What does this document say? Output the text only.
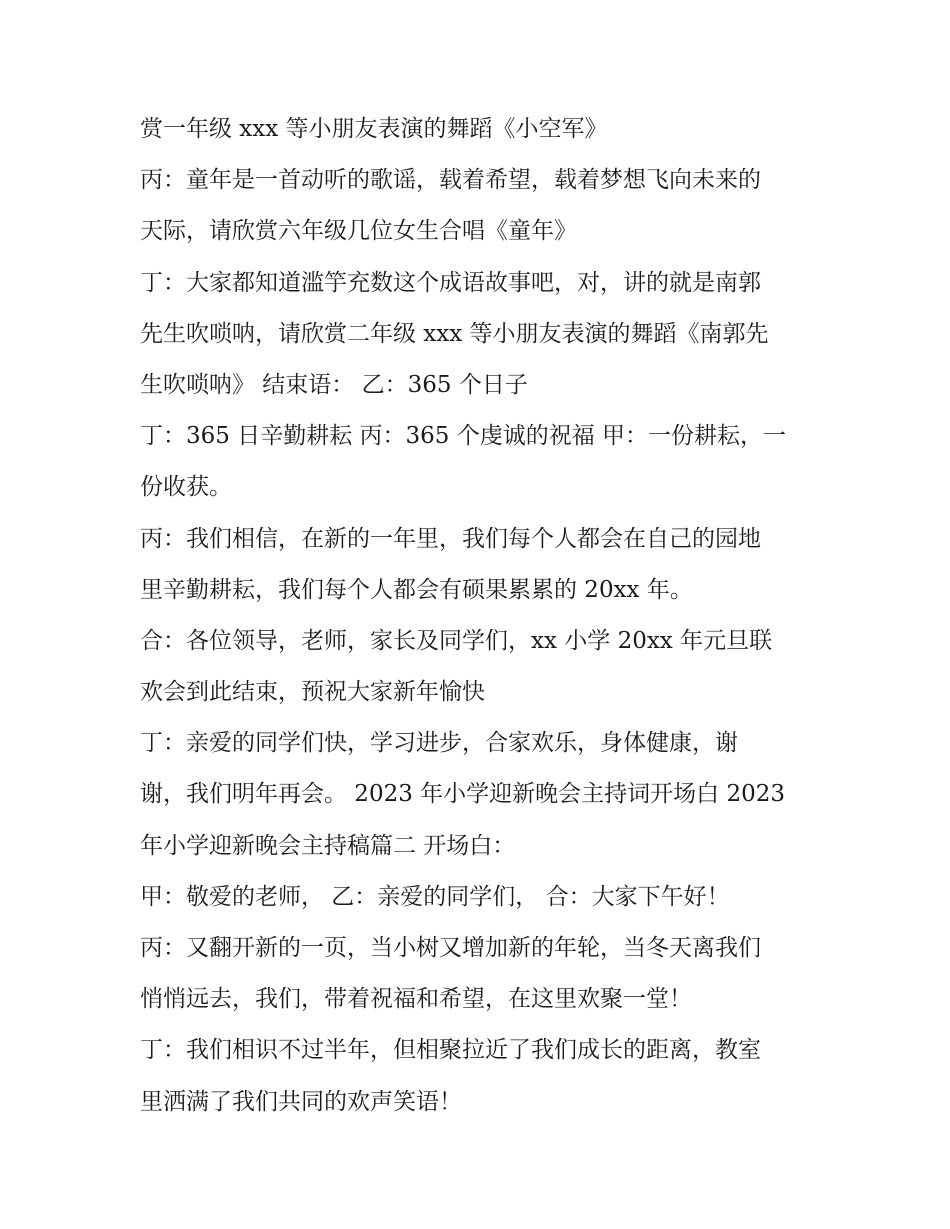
赏一年级 xxx 等小朋友表演的舞蹈《小空军》
丙：童年是一首动听的歌谣，载着希望，载着梦想飞向未来的
天际，请欣赏六年级几位女生合唱《童年》
丁：大家都知道滥竽充数这个成语故事吧，对，讲的就是南郭
先生吹唢呐，请欣赏二年级 xxx 等小朋友表演的舞蹈《南郭先
生吹唢呐》 结束语： 乙：365 个日子
丁：365 日辛勤耕耘 丙：365 个虔诚的祝福 甲：一份耕耘，一
份收获。
丙：我们相信，在新的一年里，我们每个人都会在自己的园地
里辛勤耕耘，我们每个人都会有硕果累累的 20xx 年。
合：各位领导，老师，家长及同学们，xx 小学 20xx 年元旦联
欢会到此结束，预祝大家新年愉快
丁：亲爱的同学们快，学习进步，合家欢乐，身体健康，谢
谢，我们明年再会。 2023 年小学迎新晚会主持词开场白 2023
年小学迎新晚会主持稿篇二 开场白：
甲：敬爱的老师， 乙：亲爱的同学们， 合：大家下午好！
丙：又翻开新的一页，当小树又增加新的年轮，当冬天离我们
悄悄远去，我们，带着祝福和希望，在这里欢聚一堂！
丁：我们相识不过半年，但相聚拉近了我们成长的距离，教室
里洒满了我们共同的欢声笑语！
